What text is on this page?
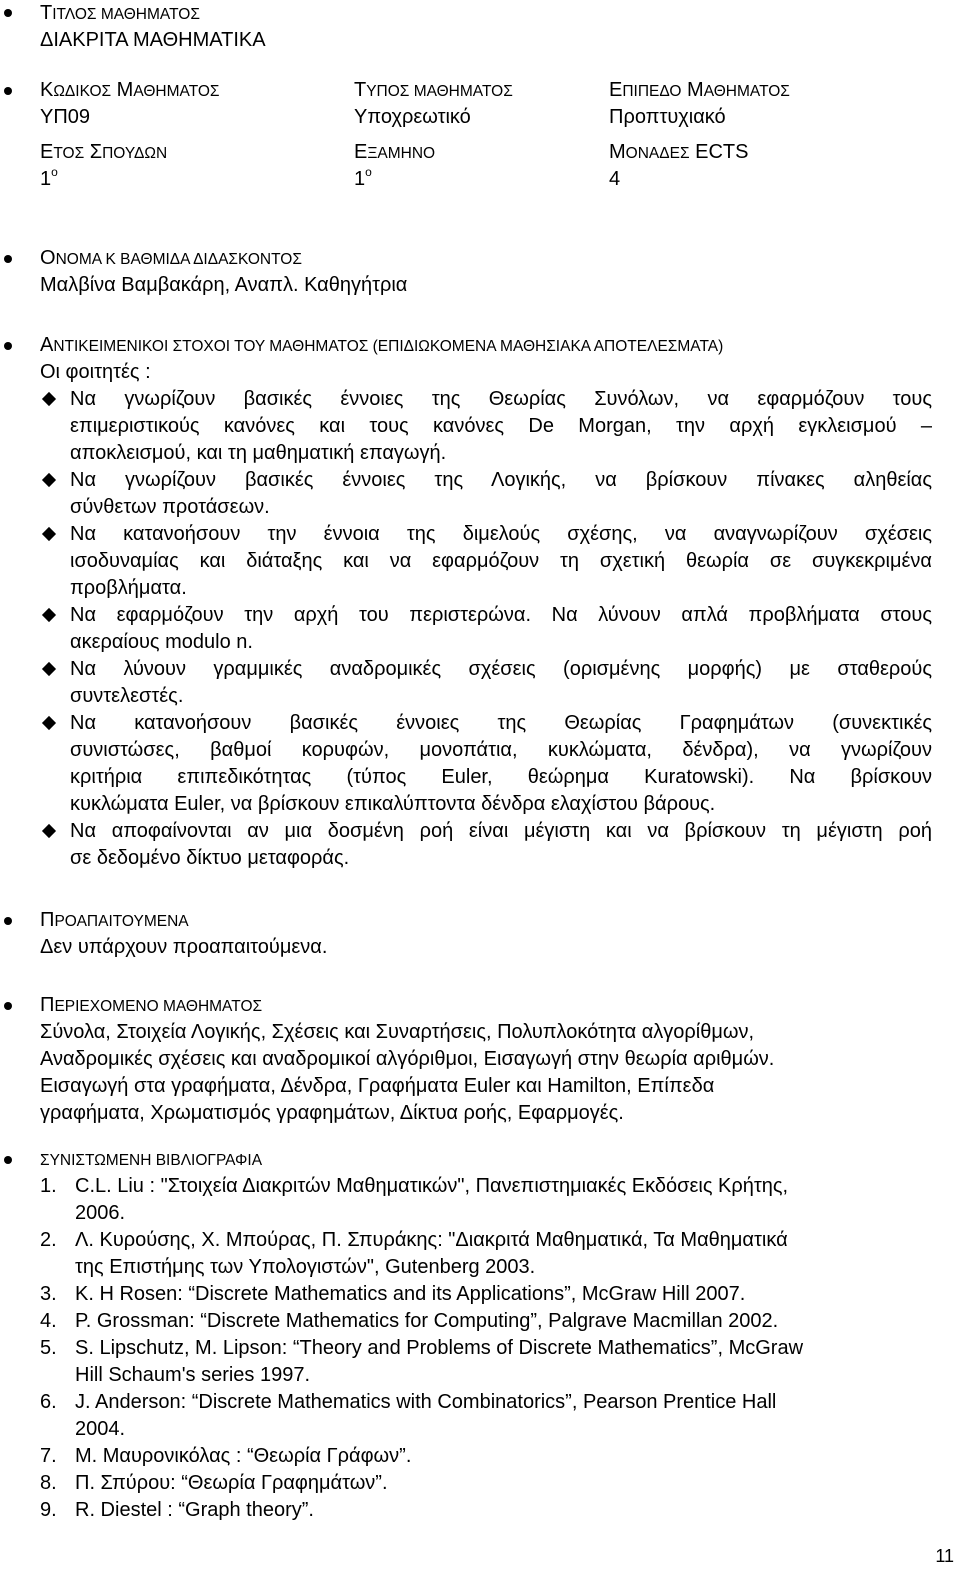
ΤΙΤΛΟΣ ΜΑΘΗΜΑΤΟΣ
ΔΙΑΚΡΙΤΑ ΜΑΘΗΜΑΤΙΚΑ
ΚΩΔΙΚΟΣ ΜΑΘΗΜΑΤΟΣ
ΥΠ09
ΤΥΠΟΣ ΜΑΘΗΜΑΤΟΣ
Υποχρεωτικό
ΕΠΙΠΕΔΟ ΜΑΘΗΜΑΤΟΣ
Προπτυχιακό
ΕΤΟΣ ΣΠΟΥΔΩΝ
$1^o$
ΕΞΑΜΗΝΟ
$1^o$
ΜΟΝΑΔΕΣ ECTS
4
ΟΝΟΜΑ Κ ΒΑΘΜΙΔΑ ΔΙΔΑΣΚΟΝΤΟΣ
Μαλβίνα Βαμβακάρη, Αναπλ. Καθηγήτρια
ΑΝΤΙΚΕΙΜΕΝΙΚΟΙ ΣΤΟΧΟΙ ΤΟΥ ΜΑΘΗΜΑΤΟΣ (ΕΠΙΔΙΩΚΟΜΕΝΑ ΜΑΘΗΣΙΑΚΑ ΑΠΟΤΕΛΕΣΜΑΤΑ)
Οι φοιτητές :
Να γνωρίζουν βασικές έννοιες της Θεωρίας Συνόλων, να εφαρμόζουν τους
επιμεριστικούς κανόνες και τους κανόνες De Morgan, την αρχή εγκλεισμού –
αποκλεισμού, και τη μαθηματική επαγωγή.
Να γνωρίζουν βασικές έννοιες της Λογικής, να βρίσκουν πίνακες αληθείας
σύνθετων προτάσεων.
Να κατανοήσουν την έννοια της διμελούς σχέσης, να αναγνωρίζουν σχέσεις
ισοδυναμίας και διάταξης και να εφαρμόζουν τη σχετική θεωρία σε συγκεκριμένα
προβλήματα.
Να εφαρμόζουν την αρχή του περιστερώνα. Να λύνουν απλά προβλήματα στους
ακεραίους modulo n.
Να λύνουν γραμμικές αναδρομικές σχέσεις (ορισμένης μορφής) με σταθερούς
συντελεστές.
Να κατανοήσουν βασικές έννοιες της Θεωρίας Γραφημάτων (συνεκτικές
συνιστώσες, βαθμοί κορυφών, μονοπάτια, κυκλώματα, δένδρα), να γνωρίζουν
κριτήρια επιπεδικότητας (τύπος Euler, θεώρημα Kuratowski). Να βρίσκουν
κυκλώματα Euler, να βρίσκουν επικαλύπτοντα δένδρα ελαχίστου βάρους.
Να αποφαίνονται αν μια δοσμένη ροή είναι μέγιστη και να βρίσκουν τη μέγιστη ροή
σε δεδομένο δίκτυο μεταφοράς.
ΠΡΟΑΠΑΙΤΟΥΜΕΝΑ
Δεν υπάρχουν προαπαιτούμενα.
ΠΕΡΙΕΧΟΜΕΝΟ ΜΑΘΗΜΑΤΟΣ
Σύνολα, Στοιχεία Λογικής, Σχέσεις και Συναρτήσεις, Πολυπλοκότητα αλγορίθμων,
Αναδρομικές σχέσεις και αναδρομικοί αλγόριθμοι, Εισαγωγή στην θεωρία αριθμών.
Εισαγωγή στα γραφήματα, Δένδρα, Γραφήματα Euler και Hamilton, Επίπεδα
γραφήματα, Χρωματισμός γραφημάτων, Δίκτυα ροής, Εφαρμογές.
ΣΥΝΙΣΤΩΜΕΝΗ ΒΙΒΛΙΟΓΡΑΦΙΑ
1. C.L. Liu : "Στοιχεία Διακριτών Μαθηματικών", Πανεπιστημιακές Εκδόσεις Κρήτης,
2006.
2. Λ. Κυρούσης, Χ. Μπούρας, Π. Σπυράκης: "Διακριτά Μαθηματικά, Τα Μαθηματικά
της Επιστήμης των Υπολογιστών", Gutenberg 2003.
3. K. H Rosen: “Discrete Mathematics and its Applications”, McGraw Hill 2007.
4. P. Grossman: “Discrete Mathematics for Computing”, Palgrave Macmillan 2002.
5. S. Lipschutz, M. Lipson: “Theory and Problems of Discrete Mathematics”, McGraw
Hill Schaum's series 1997.
6. J. Anderson: “Discrete Mathematics with Combinatorics”, Pearson Prentice Hall
2004.
7. M. Μαυρονικόλας : “Θεωρία Γράφων”.
8. Π. Σπύρου: “Θεωρία Γραφημάτων”.
9. R. Diestel : “Graph theory”.
11
